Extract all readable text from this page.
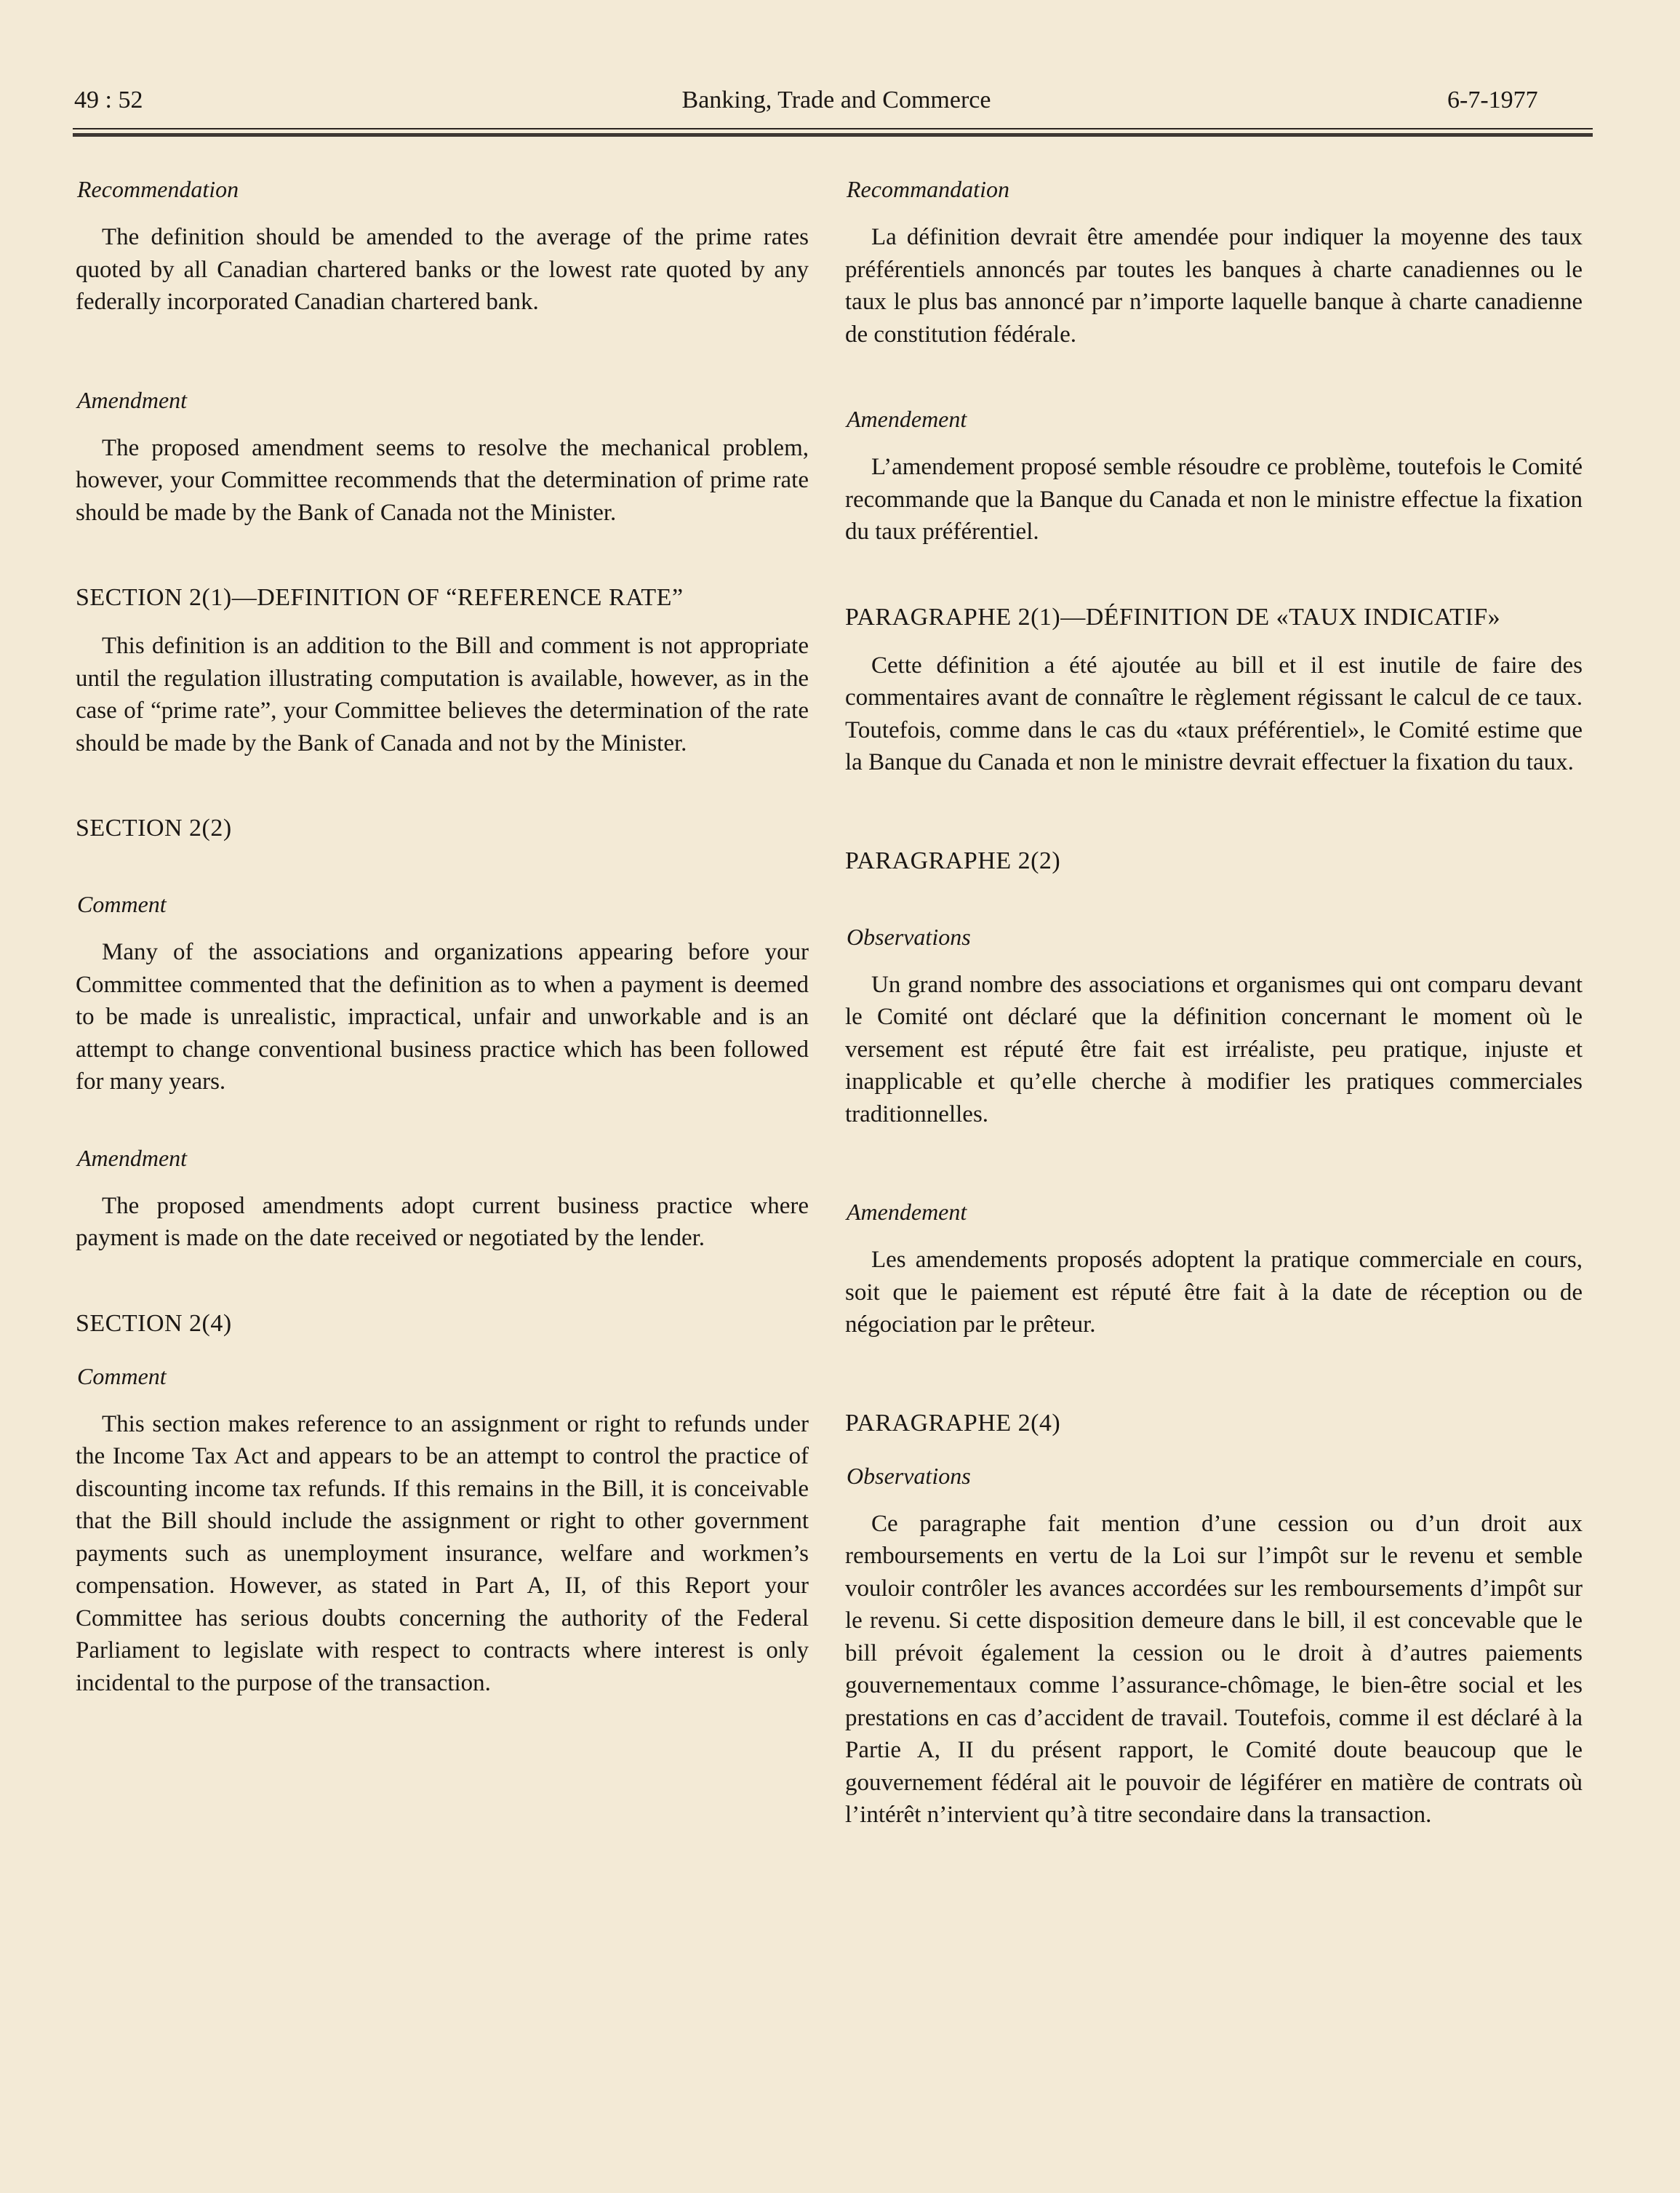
49 : 52	Banking, Trade and Commerce	6-7-1977

Recommendation

The definition should be amended to the average of the prime rates quoted by all Canadian chartered banks or the lowest rate quoted by any federally incorporated Canadian chartered bank.

Amendment

The proposed amendment seems to resolve the mechanical problem, however, your Committee recommends that the determination of prime rate should be made by the Bank of Canada not the Minister.

SECTION 2(1)—DEFINITION OF “REFERENCE RATE”

This definition is an addition to the Bill and comment is not appropriate until the regulation illustrating computation is available, however, as in the case of “prime rate”, your Committee believes the determination of the rate should be made by the Bank of Canada and not by the Minister.

SECTION 2(2)

Comment

Many of the associations and organizations appearing before your Committee commented that the definition as to when a payment is deemed to be made is unrealistic, impractical, unfair and unworkable and is an attempt to change conventional business practice which has been followed for many years.

Amendment

The proposed amendments adopt current business practice where payment is made on the date received or negotiated by the lender.

SECTION 2(4)

Comment

This section makes reference to an assignment or right to refunds under the Income Tax Act and appears to be an attempt to control the practice of discounting income tax refunds. If this remains in the Bill, it is conceivable that the Bill should include the assignment or right to other government payments such as unemployment insurance, welfare and workmen’s compensation. However, as stated in Part A, II, of this Report your Committee has serious doubts concerning the authority of the Federal Parliament to legislate with respect to contracts where interest is only incidental to the purpose of the transaction.

Recommandation

La définition devrait être amendée pour indiquer la moyenne des taux préférentiels annoncés par toutes les banques à charte canadiennes ou le taux le plus bas annoncé par n’importe laquelle banque à charte canadienne de constitution fédérale.

Amendement

L’amendement proposé semble résoudre ce problème, toutefois le Comité recommande que la Banque du Canada et non le ministre effectue la fixation du taux préférentiel.

PARAGRAPHE 2(1)—DÉFINITION DE «TAUX INDICATIF»

Cette définition a été ajoutée au bill et il est inutile de faire des commentaires avant de connaître le règlement régissant le calcul de ce taux. Toutefois, comme dans le cas du «taux préférentiel», le Comité estime que la Banque du Canada et non le ministre devrait effectuer la fixation du taux.

PARAGRAPHE 2(2)

Observations

Un grand nombre des associations et organismes qui ont comparu devant le Comité ont déclaré que la définition concernant le moment où le versement est réputé être fait est irréaliste, peu pratique, injuste et inapplicable et qu’elle cherche à modifier les pratiques commerciales traditionnelles.

Amendement

Les amendements proposés adoptent la pratique commerciale en cours, soit que le paiement est réputé être fait à la date de réception ou de négociation par le prêteur.

PARAGRAPHE 2(4)

Observations

Ce paragraphe fait mention d’une cession ou d’un droit aux remboursements en vertu de la Loi sur l’impôt sur le revenu et semble vouloir contrôler les avances accordées sur les remboursements d’impôt sur le revenu. Si cette disposition demeure dans le bill, il est concevable que le bill prévoit également la cession ou le droit à d’autres paiements gouvernementaux comme l’assurance-chômage, le bien-être social et les prestations en cas d’accident de travail. Toutefois, comme il est déclaré à la Partie A, II du présent rapport, le Comité doute beaucoup que le gouvernement fédéral ait le pouvoir de légiférer en matière de contrats où l’intérêt n’intervient qu’à titre secondaire dans la transaction.
